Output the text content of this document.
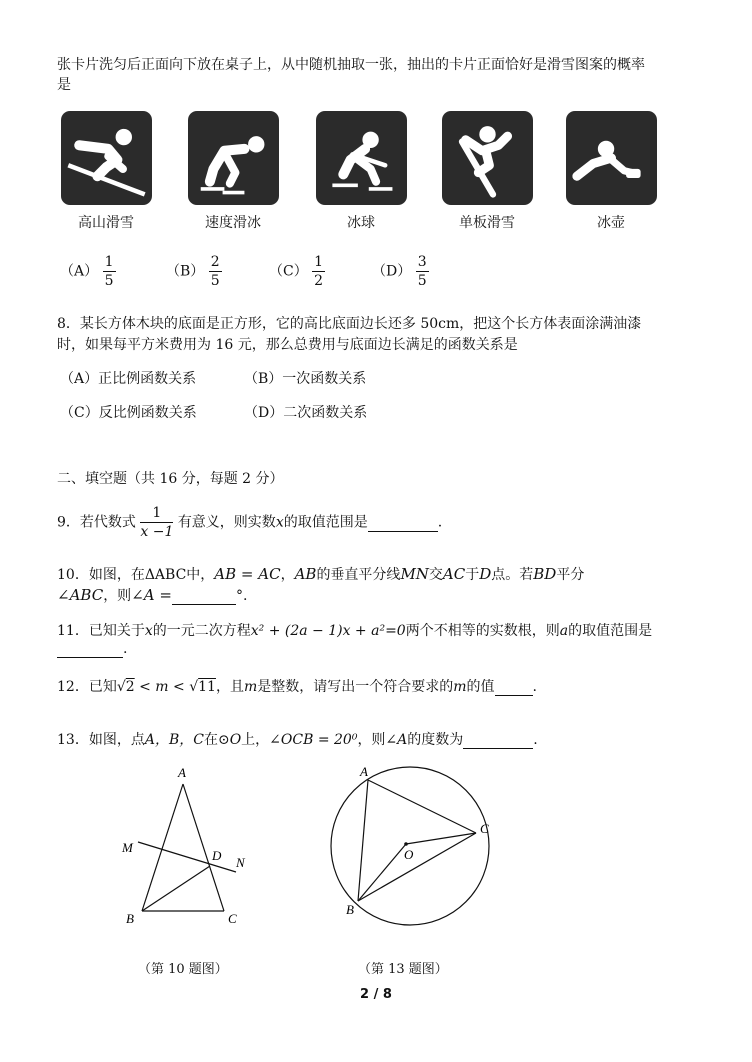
张卡片洗匀后正面向下放在桌子上，从中随机抽取一张，抽出的卡片正面恰好是滑雪图案的概率
是
高山滑雪	速度滑冰	冰球	单板滑雪	冰壶
$(A) \frac{1}{5}$	$(B) \frac{2}{5}$	$(C) \frac{1}{2}$	$(D) \frac{3}{5}$
8．某长方体木块的底面是正方形，它的高比底面边长还多 50cm，把这个长方体表面涂满油漆
时，如果每平方米费用为 16 元，那么总费用与底面边长满足的函数关系是
（A）正比例函数关系	（B）一次函数关系
（C）反比例函数关系	（D）二次函数关系
二、填空题（共 16 分，每题 2 分）
9．若代数式 $\frac{1}{x -1}$ 有意义，则实数x的取值范围是	.
10．如图，在ΔABC中，AB = AC，AB的垂直平分线MN交AC于D点。若BD平分
∠ABC，则∠A =	°.
11．已知关于x的一元二次方程x² + (2a − 1)x + a²=0两个不相等的实数根，则a的取值范围是
.
12．已知√2 < m < √11，且m是整数，请写出一个符合要求的m的值	.
13．如图，点A，B，C在⊙O上，∠OCB = 20⁰，则∠A的度数为	.
A
B	C
D
M
N
A
B
C
O
（第 10 题图）	（第 13 题图）
2 / 8
